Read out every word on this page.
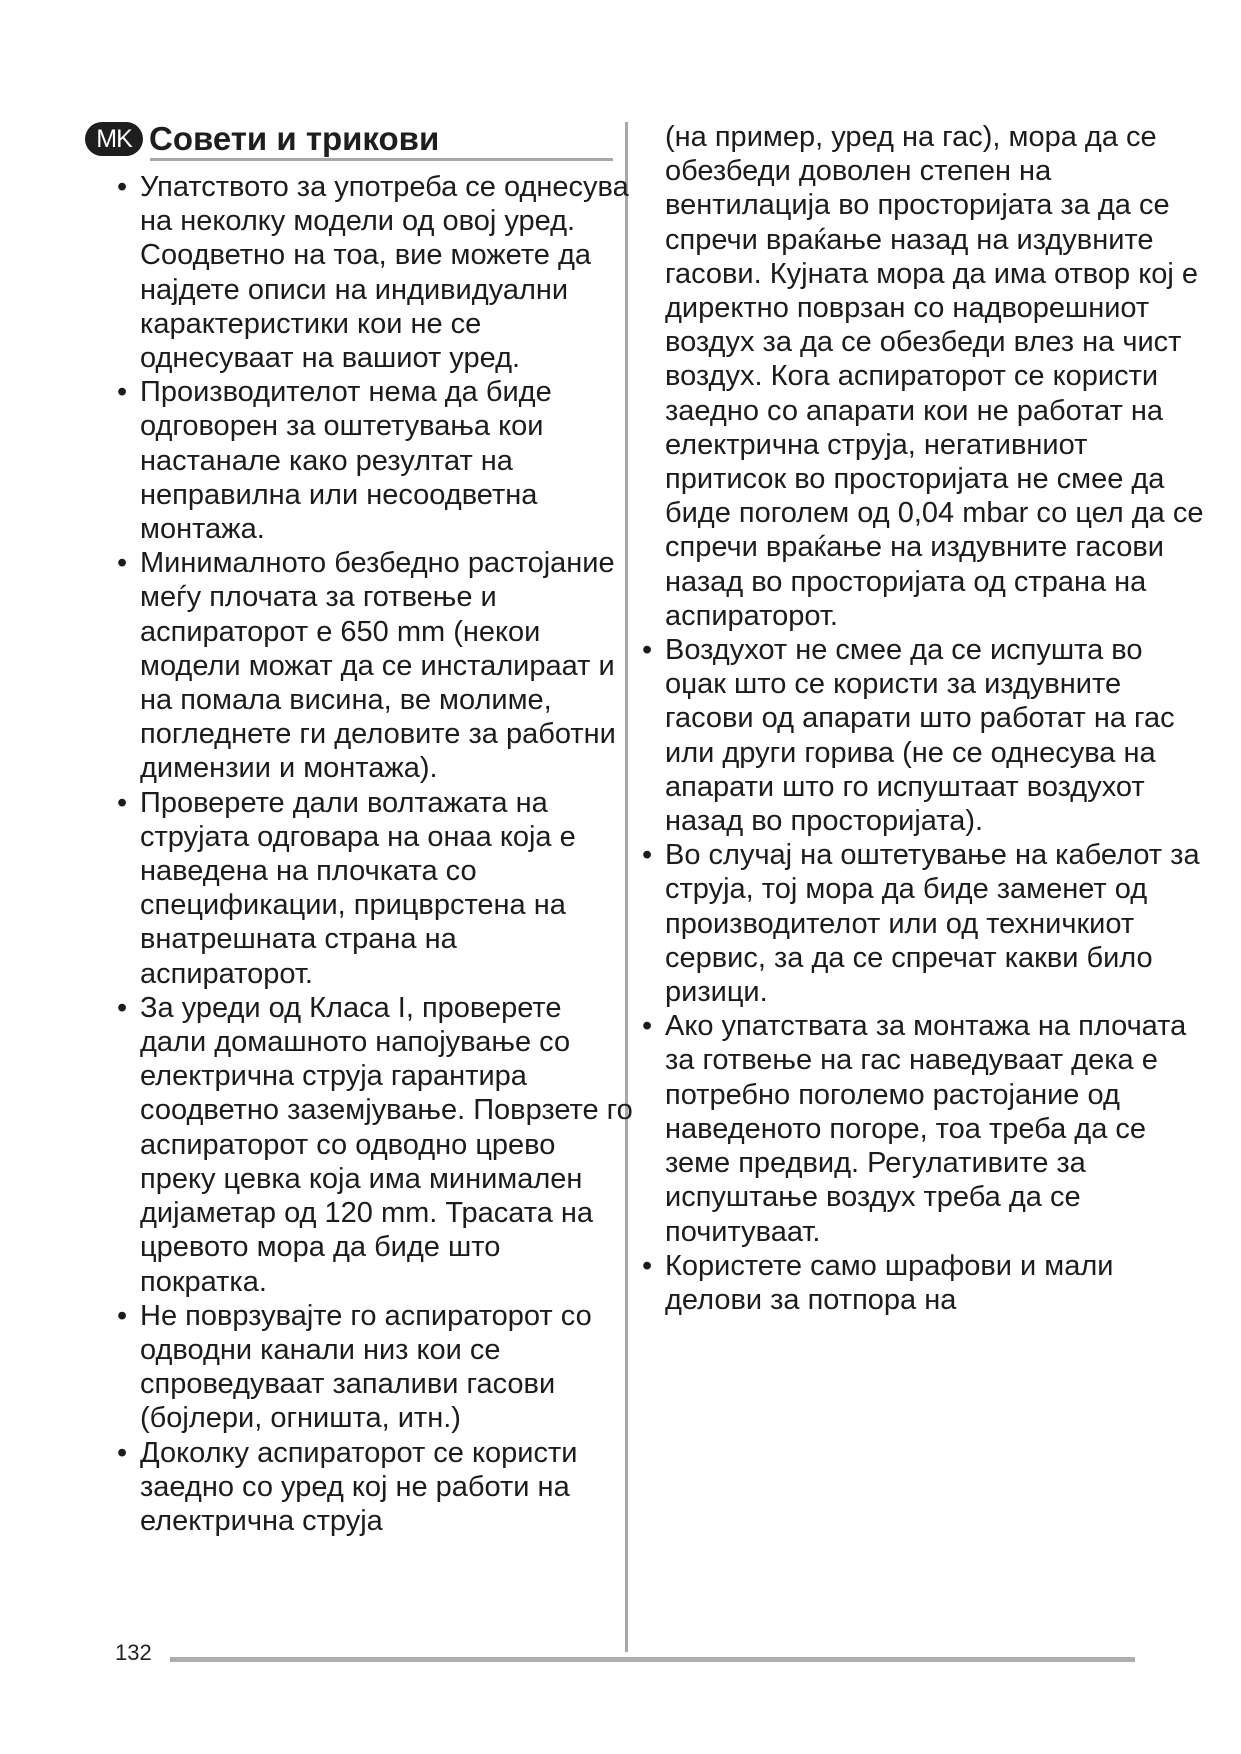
MK Совети и трикови

• Упатството за употреба се однесува на неколку модели од овој уред. Соодветно на тоа, вие можете да најдете описи на индивидуални карактеристики кои не се однесуваат на вашиот уред.

• Производителот нема да биде одговорен за оштетувања кои настанале како резултат на неправилна или несоодветна монтажа.

• Минималното безбедно растојание меѓу плочата за готвење и аспираторот е 650 mm (некои модели можат да се инсталираат и на помала висина, ве молиме, погледнете ги деловите за работни димензии и монтажа).

• Проверете дали волтажата на струјата одговара на онаа која е наведена на плочката со спецификации, прицврстена на внатрешната страна на аспираторот.

• За уреди од Класа I, проверете дали домашното напојување со електрична струја гарантира соодветно заземјување. Поврзете го аспираторот со одводно црево преку цевка која има минимален дијаметар од 120 mm. Трасата на цревото мора да биде што пократка.

• Не поврзувајте го аспираторот со одводни канали низ кои се спроведуваат запаливи гасови (бојлери, огништа, итн.)

• Доколку аспираторот се користи заедно со уред кој не работи на електрична струја

(на пример, уред на гас), мора да се обезбеди доволен степен на вентилација во просторијата за да се спречи враќање назад на издувните гасови. Кујната мора да има отвор кој е директно поврзан со надворешниот воздух за да се обезбеди влез на чист воздух. Кога аспираторот се користи заедно со апарати кои не работат на електрична струја, негативниот притисок во просторијата не смее да биде поголем од 0,04 mbar со цел да се спречи враќање на издувните гасови назад во просторијата од страна на аспираторот.

• Воздухот не смее да се испушта во оџак што се користи за издувните гасови од апарати што работат на гас или други горива (не се однесува на апарати што го испуштаат воздухот назад во просторијата).

• Во случај на оштетување на кабелот за струја, тој мора да биде заменет од производителот или од техничкиот сервис, за да се спречат какви било ризици.

• Ако упатствата за монтажа на плочата за готвење на гас наведуваат дека е потребно поголемо растојание од наведеното погоре, тоа треба да се земе предвид. Регулативите за испуштање воздух треба да се почитуваат.

• Користете само шрафови и мали делови за потпора на

132
